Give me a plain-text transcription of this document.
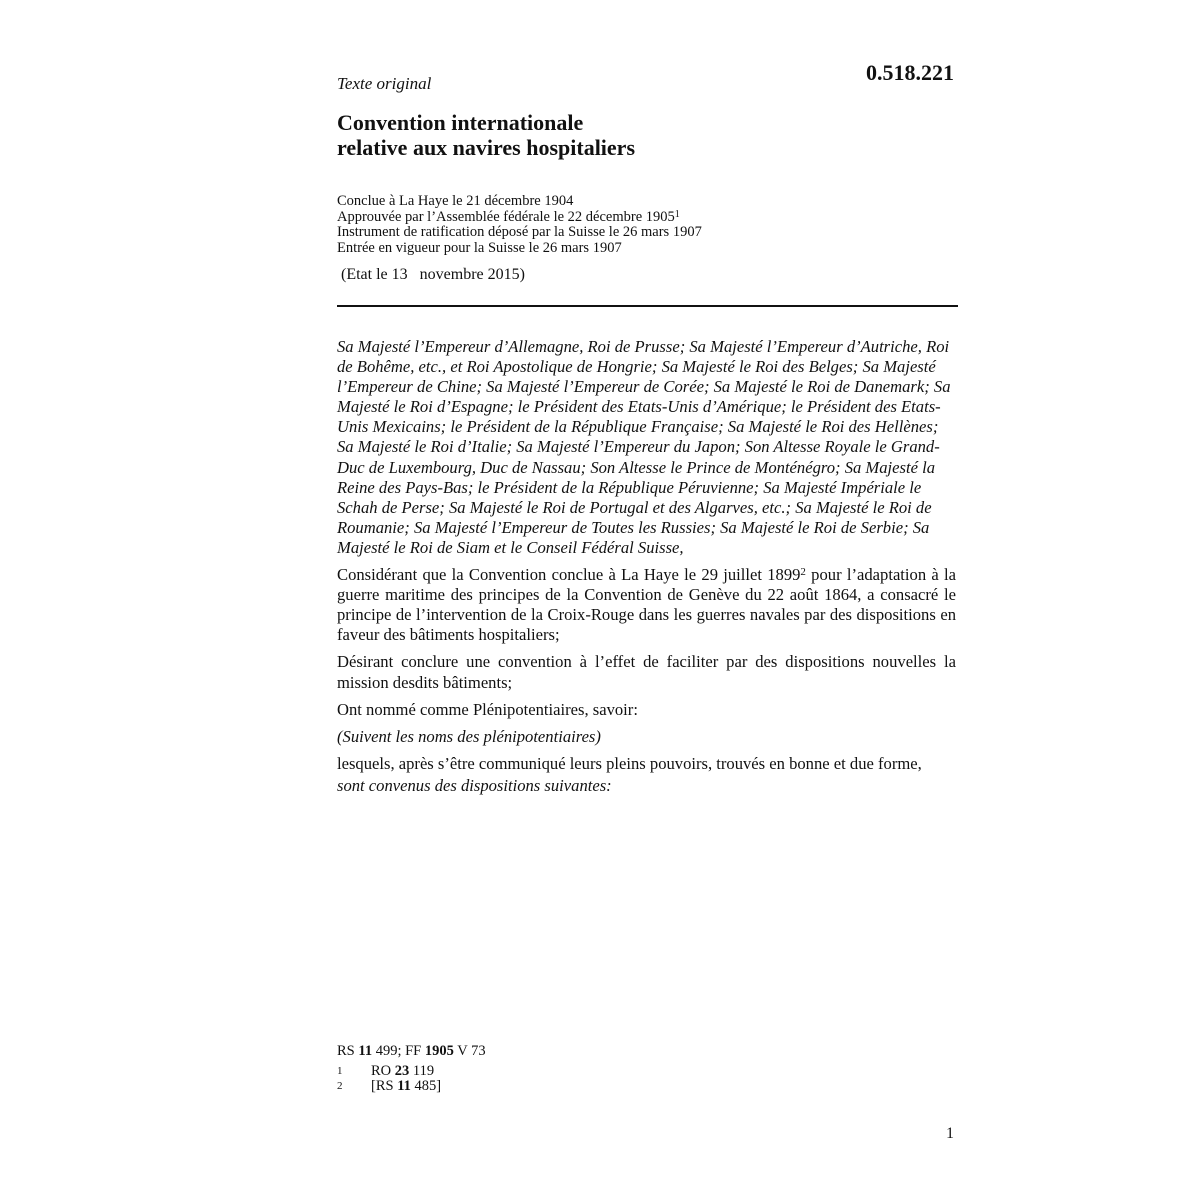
Texte original	0.518.221
Convention internationale
relative aux navires hospitaliers
Conclue à La Haye le 21 décembre 1904
Approuvée par l’Assemblée fédérale le 22 décembre 1905$^1$
Instrument de ratification déposé par la Suisse le 26 mars 1907
Entrée en vigueur pour la Suisse le 26 mars 1907
(Etat le 13   novembre 2015)

Sa Majesté l’Empereur d’Allemagne, Roi de Prusse; Sa Majesté l’Empereur d’Autriche, Roi de Bohême, etc., et Roi Apostolique de Hongrie; Sa Majesté le Roi des Belges; Sa Majesté l’Empereur de Chine; Sa Majesté l’Empereur de Corée; Sa Majesté le Roi de Danemark; Sa Majesté le Roi d’Espagne; le Président des Etats-Unis d’Amérique; le Président des Etats-Unis Mexicains; le Président de la République Française; Sa Majesté le Roi des Hellènes; Sa Majesté le Roi d’Italie; Sa Majesté l’Empereur du Japon; Son Altesse Royale le Grand-Duc de Luxembourg, Duc de Nassau; Son Altesse le Prince de Monténégro; Sa Majesté la Reine des Pays-Bas; le Président de la République Péruvienne; Sa Majesté Impériale le Schah de Perse; Sa Majesté le Roi de Portugal et des Algarves, etc.; Sa Majesté le Roi de Roumanie; Sa Majesté l’Empereur de Toutes les Russies; Sa Majesté le Roi de Serbie; Sa Majesté le Roi de Siam et le Conseil Fédéral Suisse,

Considérant que la Convention conclue à La Haye le 29 juillet 1899$^2$ pour l’adaptation à la guerre maritime des principes de la Convention de Genève du 22 août 1864, a consacré le principe de l’intervention de la Croix-Rouge dans les guerres navales par des dispositions en faveur des bâtiments hospitaliers;

Désirant conclure une convention à l’effet de faciliter par des dispositions nouvelles la mission desdits bâtiments;

Ont nommé comme Plénipotentiaires, savoir:

(Suivent les noms des plénipotentiaires)

lesquels, après s’être communiqué leurs pleins pouvoirs, trouvés en bonne et due forme,

sont convenus des dispositions suivantes:

RS 11 499; FF 1905 V 73
1	RO 23 119
2	[RS 11 485]
1
